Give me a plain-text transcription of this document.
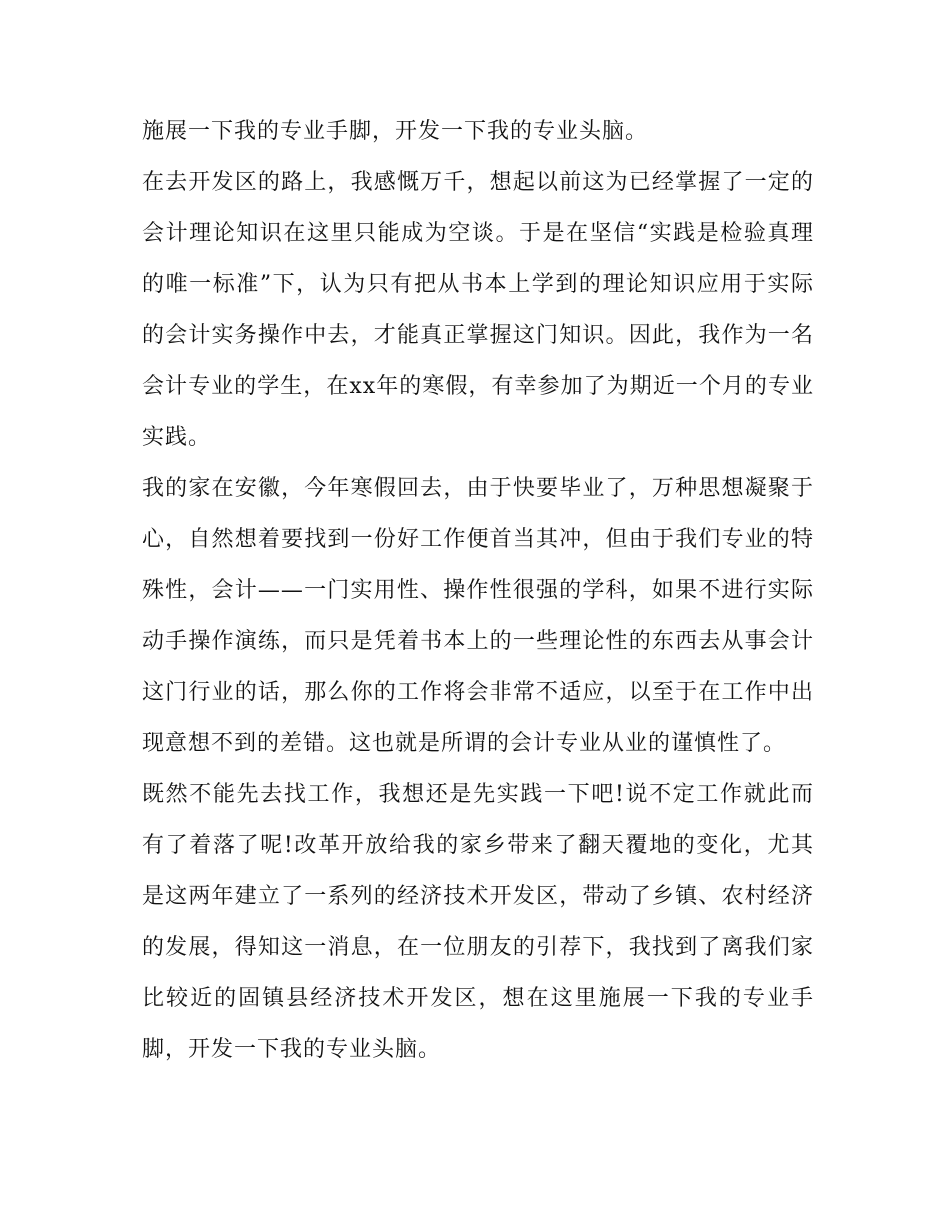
施展一下我的专业手脚，开发一下我的专业头脑。

在去开发区的路上，我感慨万千，想起以前这为已经掌握了一定的会计理论知识在这里只能成为空谈。于是在坚信“实践是检验真理的唯一标准”下，认为只有把从书本上学到的理论知识应用于实际的会计实务操作中去，才能真正掌握这门知识。因此，我作为一名会计专业的学生，在xx年的寒假，有幸参加了为期近一个月的专业实践。

我的家在安徽，今年寒假回去，由于快要毕业了，万种思想凝聚于心，自然想着要找到一份好工作便首当其冲，但由于我们专业的特殊性，会计——一门实用性、操作性很强的学科，如果不进行实际动手操作演练，而只是凭着书本上的一些理论性的东西去从事会计这门行业的话，那么你的工作将会非常不适应，以至于在工作中出现意想不到的差错。这也就是所谓的会计专业从业的谨慎性了。

既然不能先去找工作，我想还是先实践一下吧!说不定工作就此而有了着落了呢!改革开放给我的家乡带来了翻天覆地的变化，尤其是这两年建立了一系列的经济技术开发区，带动了乡镇、农村经济的发展，得知这一消息，在一位朋友的引荐下，我找到了离我们家比较近的固镇县经济技术开发区，想在这里施展一下我的专业手脚，开发一下我的专业头脑。
